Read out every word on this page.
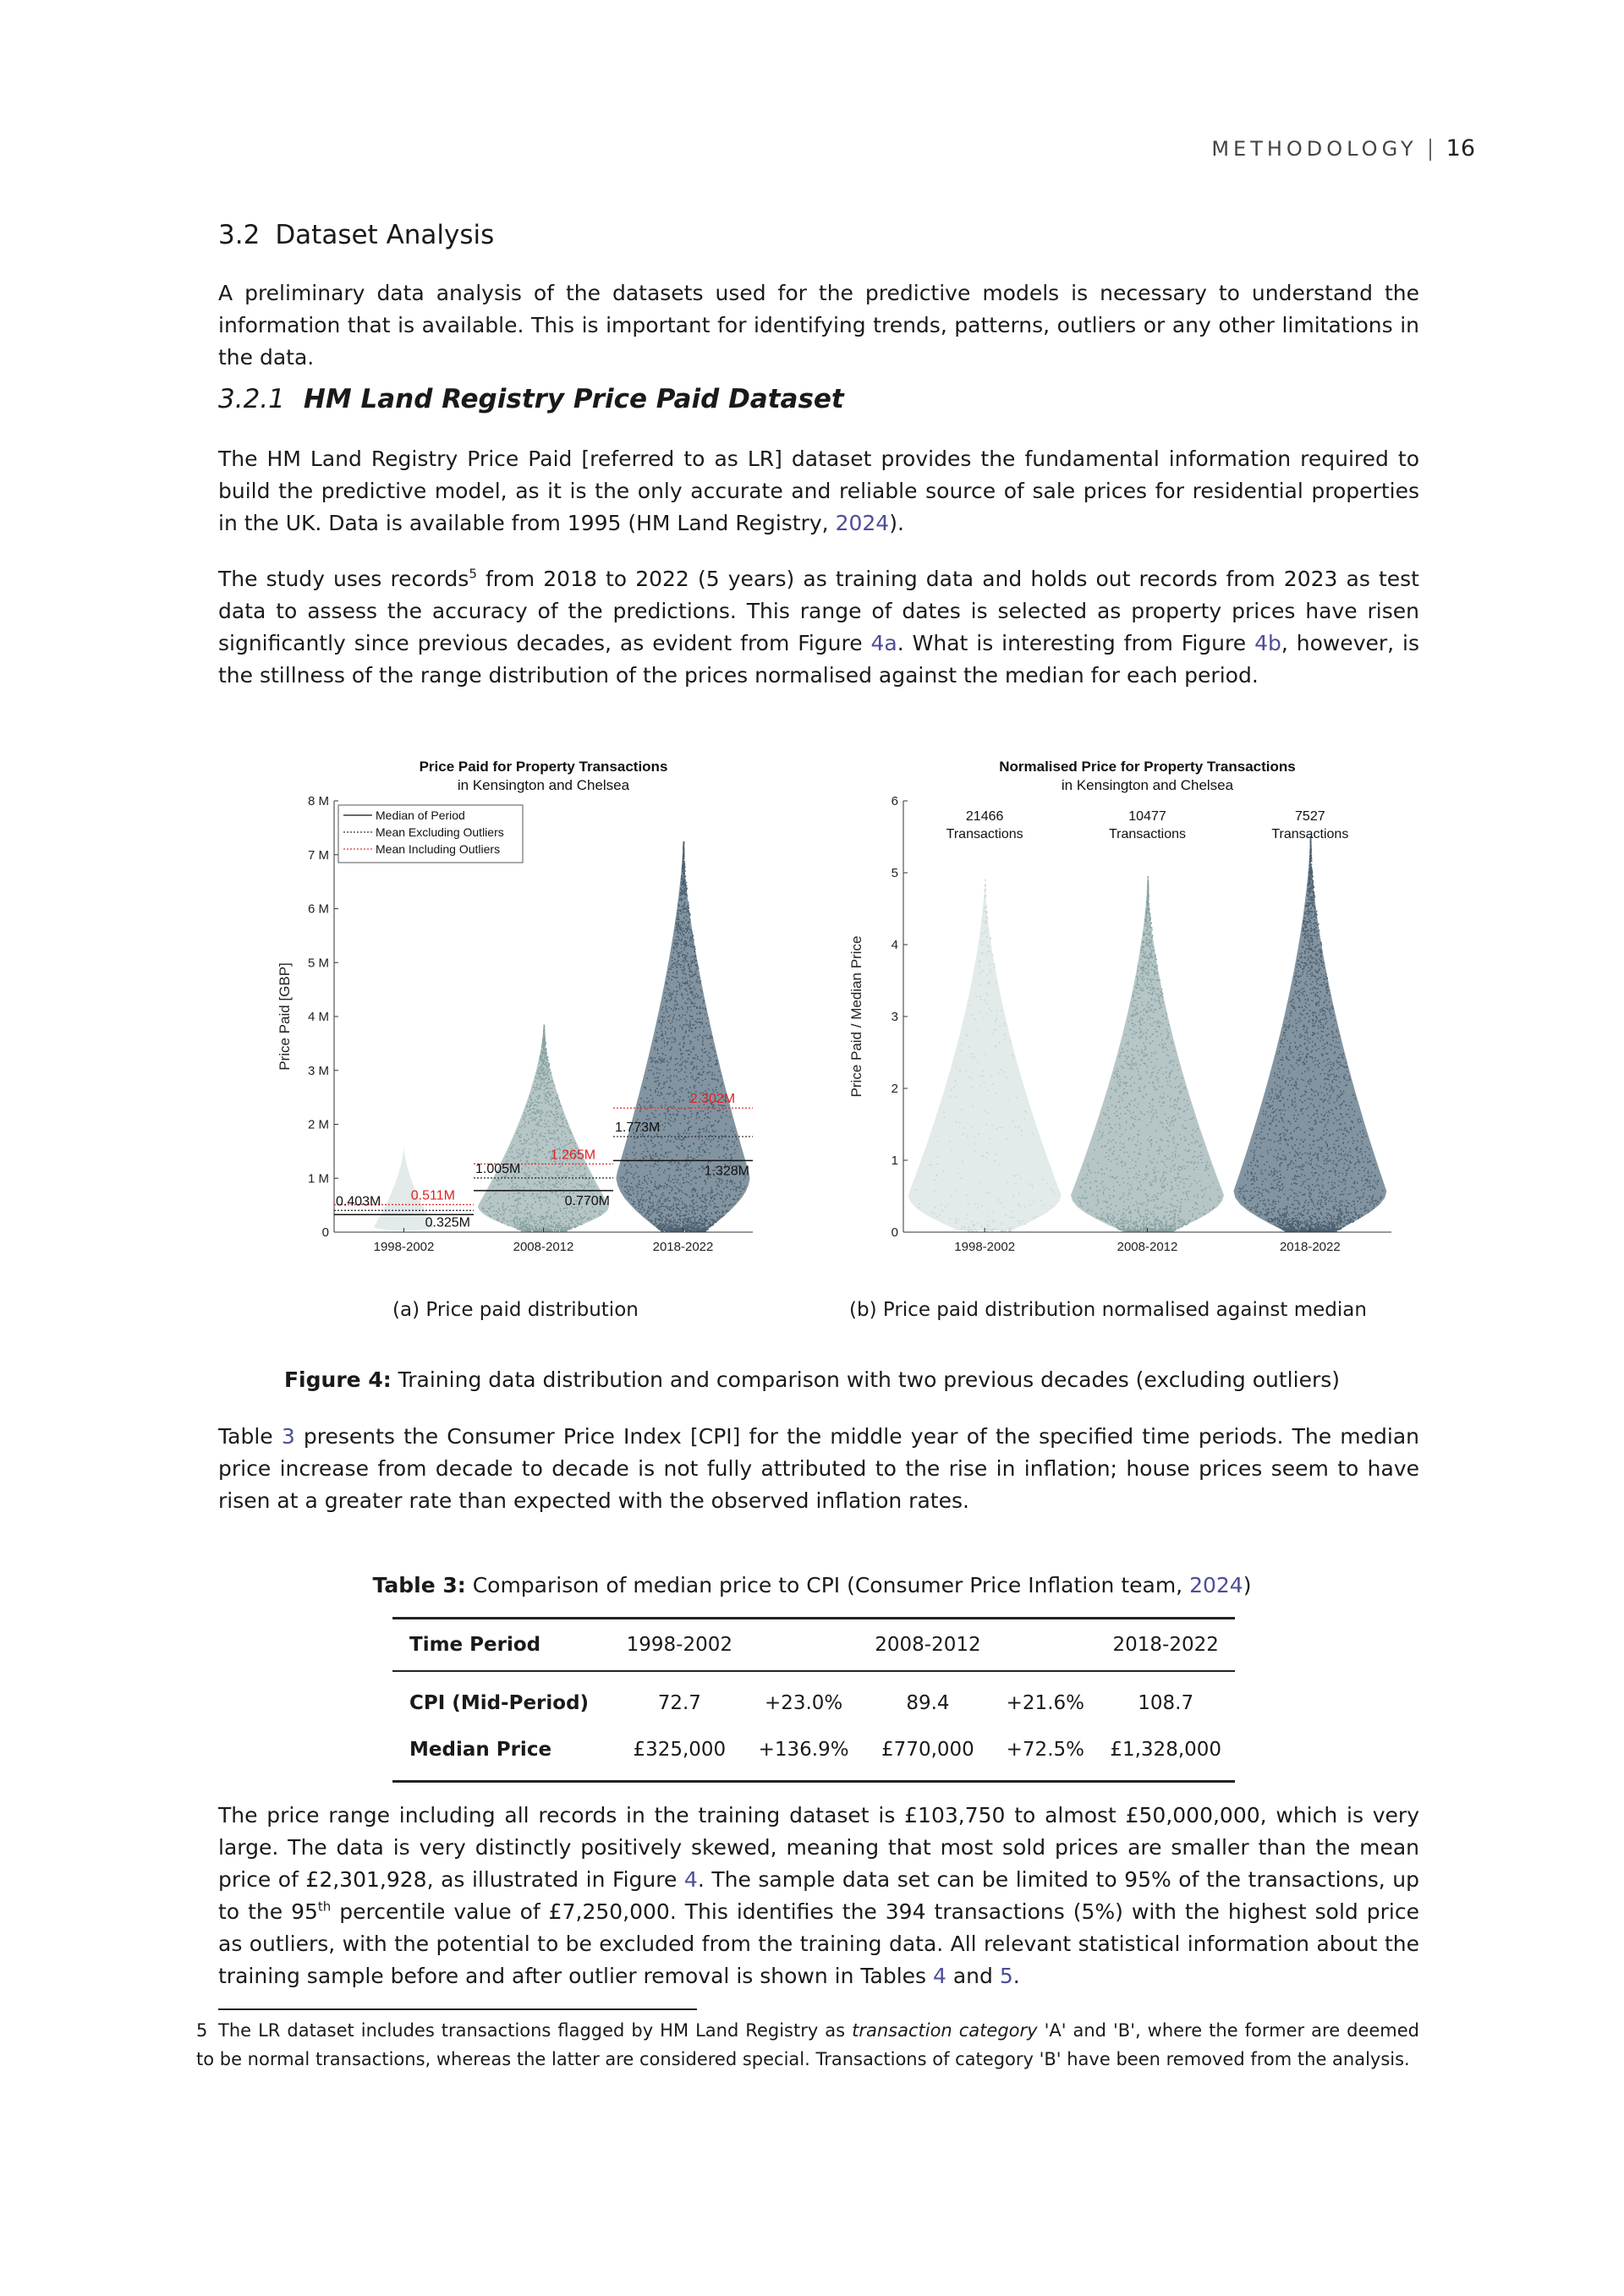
METHODOLOGY 16
3.2 Dataset Analysis

A preliminary data analysis of the datasets used for the predictive models is necessary to understand the information that is available. This is important for identifying trends, patterns, outliers or any other limitations in the data.

3.2.1 HM Land Registry Price Paid Dataset

The HM Land Registry Price Paid [referred to as LR] dataset provides the fundamental information required to build the predictive model, as it is the only accurate and reliable source of sale prices for residential properties in the UK. Data is available from 1995 (HM Land Registry, 2024).

The study uses records$^5$ from 2018 to 2022 (5 years) as training data and holds out records from 2023 as test data to assess the accuracy of the predictions. This range of dates is selected as property prices have risen significantly since previous decades, as evident from Figure 4a. What is interesting from Figure 4b, however, is the stillness of the range distribution of the prices normalised against the median for each period.

Price Paid for Property Transactions
in Kensington and Chelsea
0
1 M
2 M
3 M
4 M
5 M
6 M
7 M
8 M
1998-2002	2008-2012	2018-2022
Price Paid [GBP]
0.325M
0.403M 0.511M	0.770M
1.005M
1.265M
1.328M
1.773M
2.302M
Median of Period
Mean Excluding Outliers
Mean Including Outliers
Normalised Price for Property Transactions
in Kensington and Chelsea
0
1
2
3
4
5
6
1998-2002	2008-2012	2018-2022
Price Paid / Median Price
21466
Transactions
10477
Transactions
7527
Transactions
(a) Price paid distribution	(b) Price paid distribution normalised against median
Figure 4: Training data distribution and comparison with two previous decades (excluding outliers)

Table 3 presents the Consumer Price Index [CPI] for the middle year of the specified time periods. The median price increase from decade to decade is not fully attributed to the rise in inflation; house prices seem to have risen at a greater rate than expected with the observed inflation rates.

Table 3: Comparison of median price to CPI (Consumer Price Inflation team, 2024)
Time Period	1998-2002		2008-2012		2018-2022
CPI (Mid-Period)	72.7	+23.0%	89.4	+21.6%	108.7
Median Price	£325,000	+136.9%	£770,000	+72.5%	£1,328,000

The price range including all records in the training dataset is £103,750 to almost £50,000,000, which is very large. The data is very distinctly positively skewed, meaning that most sold prices are smaller than the mean price of £2,301,928, as illustrated in Figure 4. The sample data set can be limited to 95% of the transactions, up to the 95th percentile value of £7,250,000. This identifies the 394 transactions (5%) with the highest sold price as outliers, with the potential to be excluded from the training data. All relevant statistical information about the training sample before and after outlier removal is shown in Tables 4 and 5.

5 The LR dataset includes transactions flagged by HM Land Registry as transaction category 'A' and 'B', where the former are deemed to be normal transactions, whereas the latter are considered special. Transactions of category 'B' have been removed from the analysis.
